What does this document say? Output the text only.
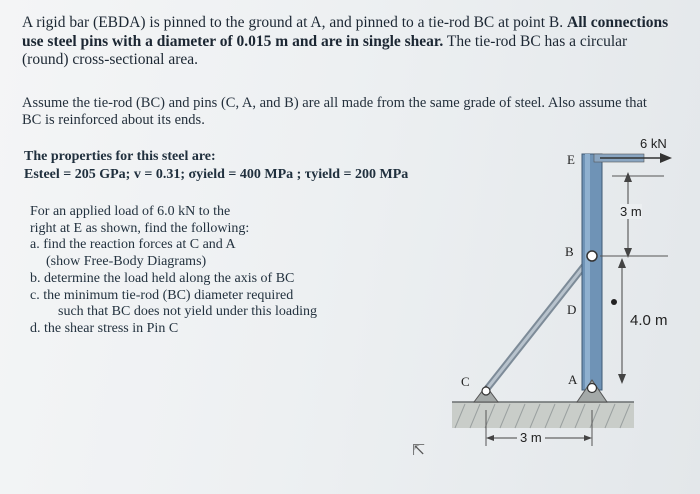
A rigid bar (EBDA) is pinned to the ground at A, and pinned to a tie-rod BC at point B. All connections use steel pins with a diameter of 0.015 m and are in single shear. The tie-rod BC has a circular (round) cross-sectional area.
Assume the tie-rod (BC) and pins (C, A, and B) are all made from the same grade of steel. Also assume that BC is reinforced about its ends.
The properties for this steel are:
Esteel = 205 GPa; v = 0.31; σyield = 400 MPa ; τyield = 200 MPa
For an applied load of 6.0 kN to the
right at E as shown, find the following:
a. find the reaction forces at C and A
(show Free-Body Diagrams)
b. determine the load held along the axis of BC
c. the minimum tie-rod (BC) diameter required
such that BC does not yield under this loading
d. the shear stress in Pin C
6 kN
E
B
D
A
C
3 m
4.0 m
3 m
⇱
